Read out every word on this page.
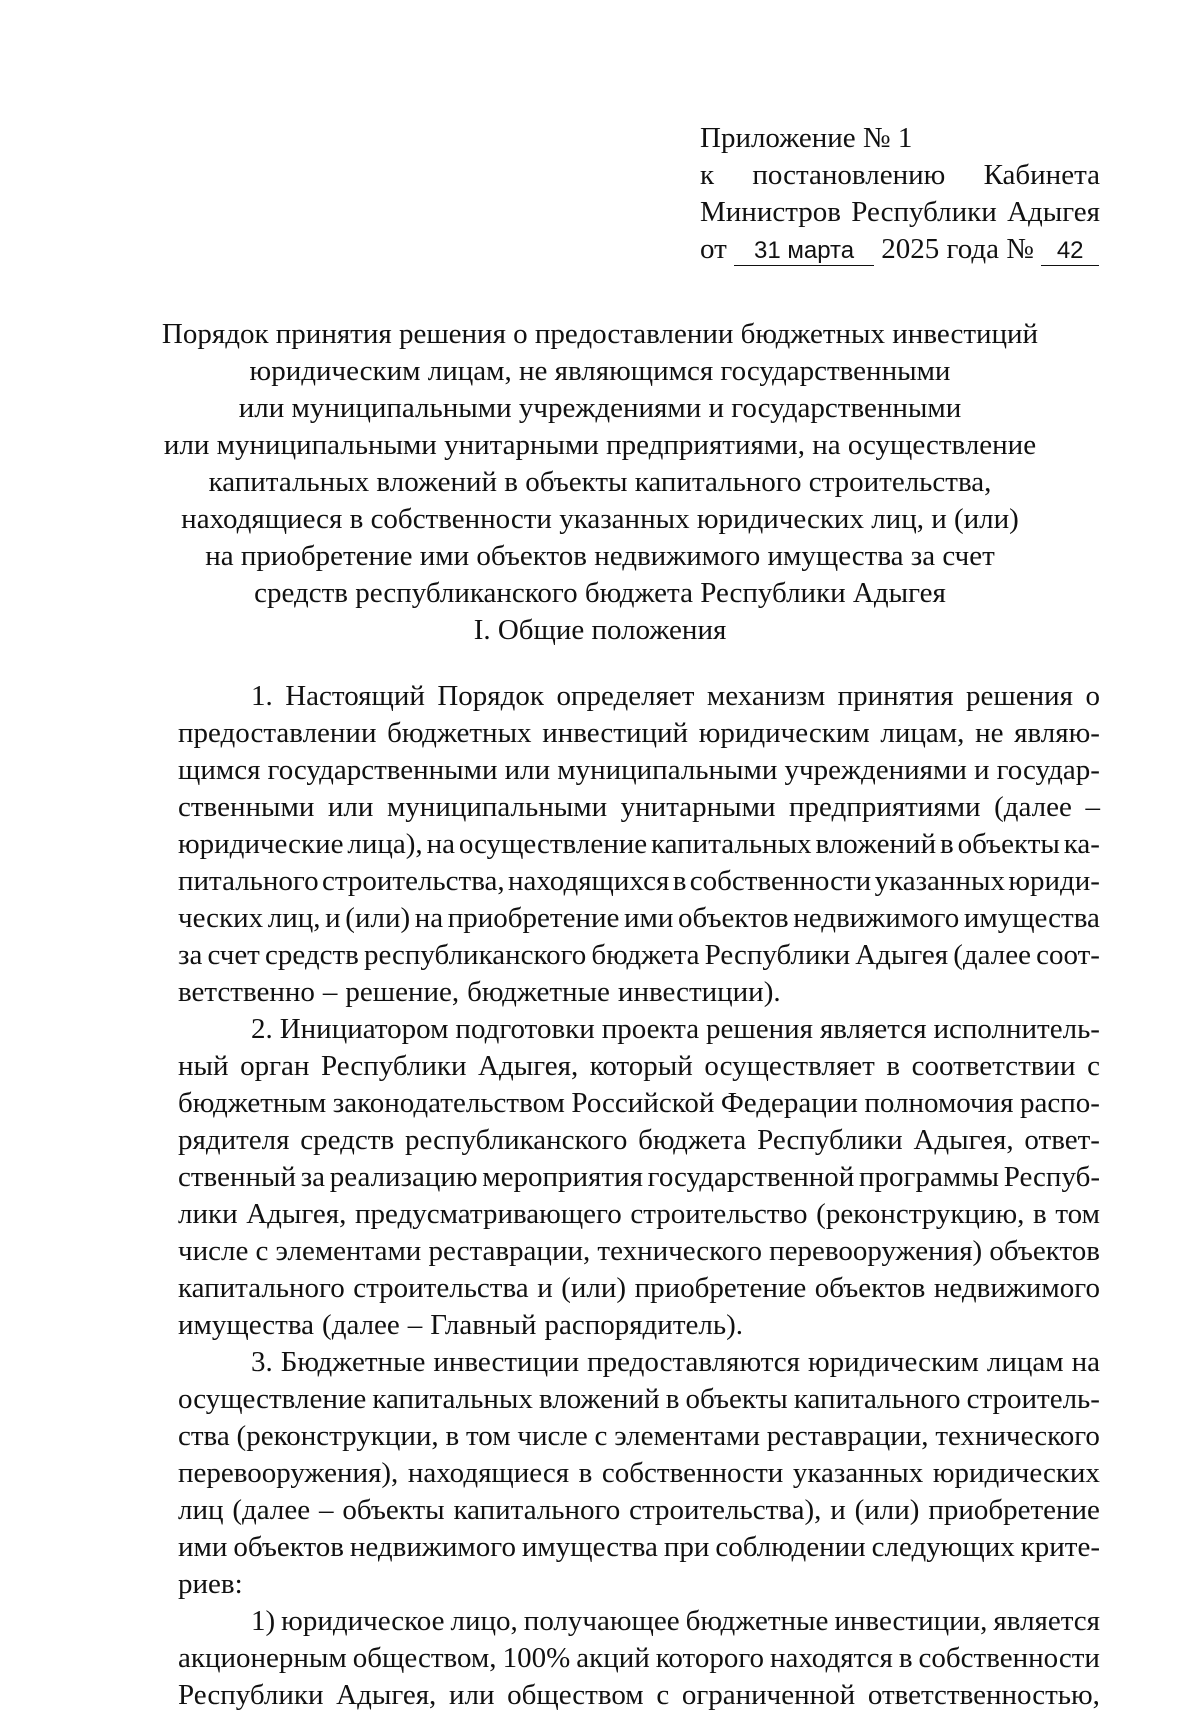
Приложение № 1
к постановлению Кабинета
Министров Республики Адыгея
от 31 марта 2025 года № 42
Порядок принятия решения о предоставлении бюджетных инвестиций
юридическим лицам, не являющимся государственными
или муниципальными учреждениями и государственными
или муниципальными унитарными предприятиями, на осуществление
капитальных вложений в объекты капитального строительства,
находящиеся в собственности указанных юридических лиц, и (или)
на приобретение ими объектов недвижимого имущества за счет
средств республиканского бюджета Республики Адыгея
I. Общие положения
1. Настоящий Порядок определяет механизм принятия решения о
предоставлении бюджетных инвестиций юридическим лицам, не являю-
щимся государственными или муниципальными учреждениями и государ-
ственными или муниципальными унитарными предприятиями (далее –
юридические лица), на осуществление капитальных вложений в объекты ка-
питального строительства, находящихся в собственности указанных юриди-
ческих лиц, и (или) на приобретение ими объектов недвижимого имущества
за счет средств республиканского бюджета Республики Адыгея (далее соот-
ветственно – решение, бюджетные инвестиции).
2. Инициатором подготовки проекта решения является исполнитель-
ный орган Республики Адыгея, который осуществляет в соответствии с
бюджетным законодательством Российской Федерации полномочия распо-
рядителя средств республиканского бюджета Республики Адыгея, ответ-
ственный за реализацию мероприятия государственной программы Респуб-
лики Адыгея, предусматривающего строительство (реконструкцию, в том
числе с элементами реставрации, технического перевооружения) объектов
капитального строительства и (или) приобретение объектов недвижимого
имущества (далее – Главный распорядитель).
3. Бюджетные инвестиции предоставляются юридическим лицам на
осуществление капитальных вложений в объекты капитального строитель-
ства (реконструкции, в том числе с элементами реставрации, технического
перевооружения), находящиеся в собственности указанных юридических
лиц (далее – объекты капитального строительства), и (или) приобретение
ими объектов недвижимого имущества при соблюдении следующих крите-
риев:
1) юридическое лицо, получающее бюджетные инвестиции, является
акционерным обществом, 100% акций которого находятся в собственности
Республики Адыгея, или обществом с ограниченной ответственностью,
